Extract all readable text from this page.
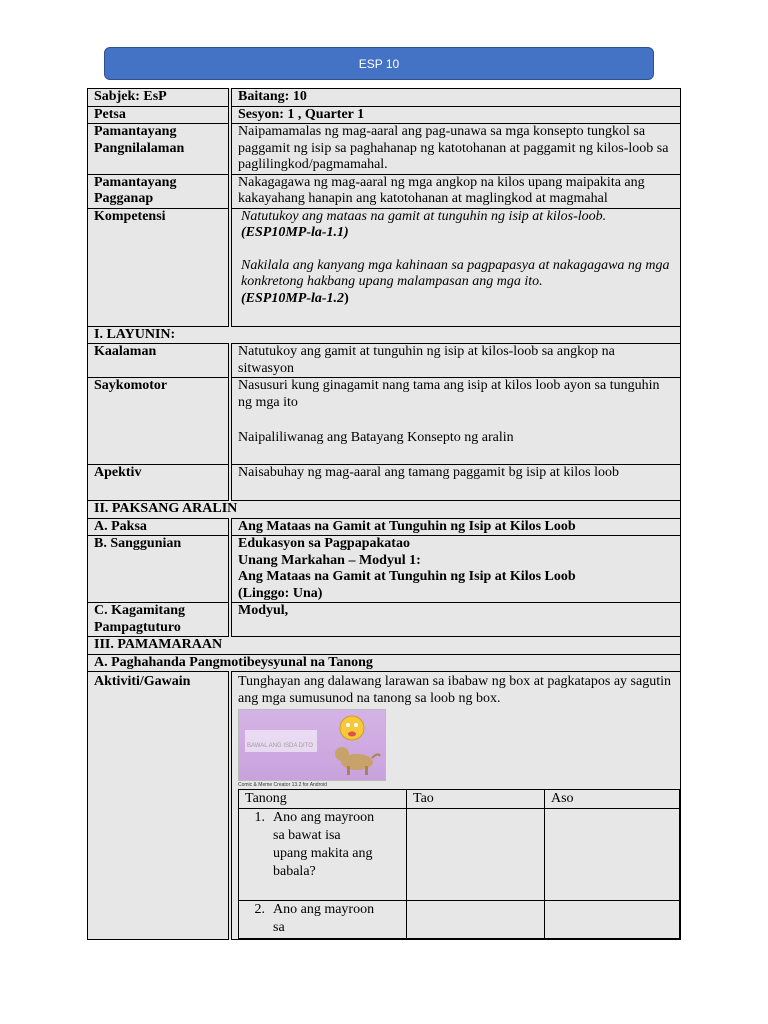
ESP 10
Sabjek: EsP	Baitang: 10
Petsa	Sesyon: 1 , Quarter 1

Pamantayang
Pangnilalaman
	Naipamamalas ng mag-aaral ang pag-unawa sa mga konsepto tungkol sa paggamit ng isip sa paghahanap ng katotohanan at paggamit ng kilos-loob sa paglilingkod/pagmamahal.

Pamantayang
Pagganap
	Nakagagawa ng mag-aaral ng mga angkop na kilos upang maipakita ang kakayahang hanapin ang katotohanan at maglingkod at magmahal
Kompetensi	Natutukoy ang mataas na gamit at tunguhin ng isip at kilos-loob.
(ESP10MP-la-1.1)
Nakilala ang kanyang mga kahinaan sa pagpapasya at nakagagawa ng mga konkretong hakbang upang malampasan ang mga ito.
(ESP10MP-la-1.2)

I. LAYUNIN:
Kaalaman	Natutukoy ang gamit at tunguhin ng isip at kilos-loob sa angkop na sitwasyon
Saykomotor	Nasusuri kung ginagamit nang tama ang isip at kilos loob ayon sa tunguhin ng mga ito
Naipaliliwanag ang Batayang Konsepto ng aralin

Apektiv	Naisabuhay ng mag-aaral ang tamang paggamit bg isip at kilos loob
II. PAKSANG ARALIN
A. Paksa	Ang Mataas na Gamit at Tunguhin ng Isip at Kilos Loob
B. Sanggunian	Edukasyon sa Pagpapakatao
Unang Markahan – Modyul 1:
Ang Mataas na Gamit at Tunguhin ng Isip at Kilos Loob
(Linggo: Una)

C. Kagamitang
Pampagtuturo
	Modyul,
III. PAMAMARAAN
A. Paghahanda Pangmotibeysyunal na Tanong
Aktiviti/Gawain	Tunghayan ang dalawang larawan sa ibabaw ng box at pagkatapos ay sagutin ang mga sumusunod na tanong sa loob ng box.
Comic & Meme Creator 13.2 for Android
Tanong	Tao	Aso
1. Ano ang mayroon sa bawat isa upang makita ang babala?		
2. Ano ang mayroon sa		
